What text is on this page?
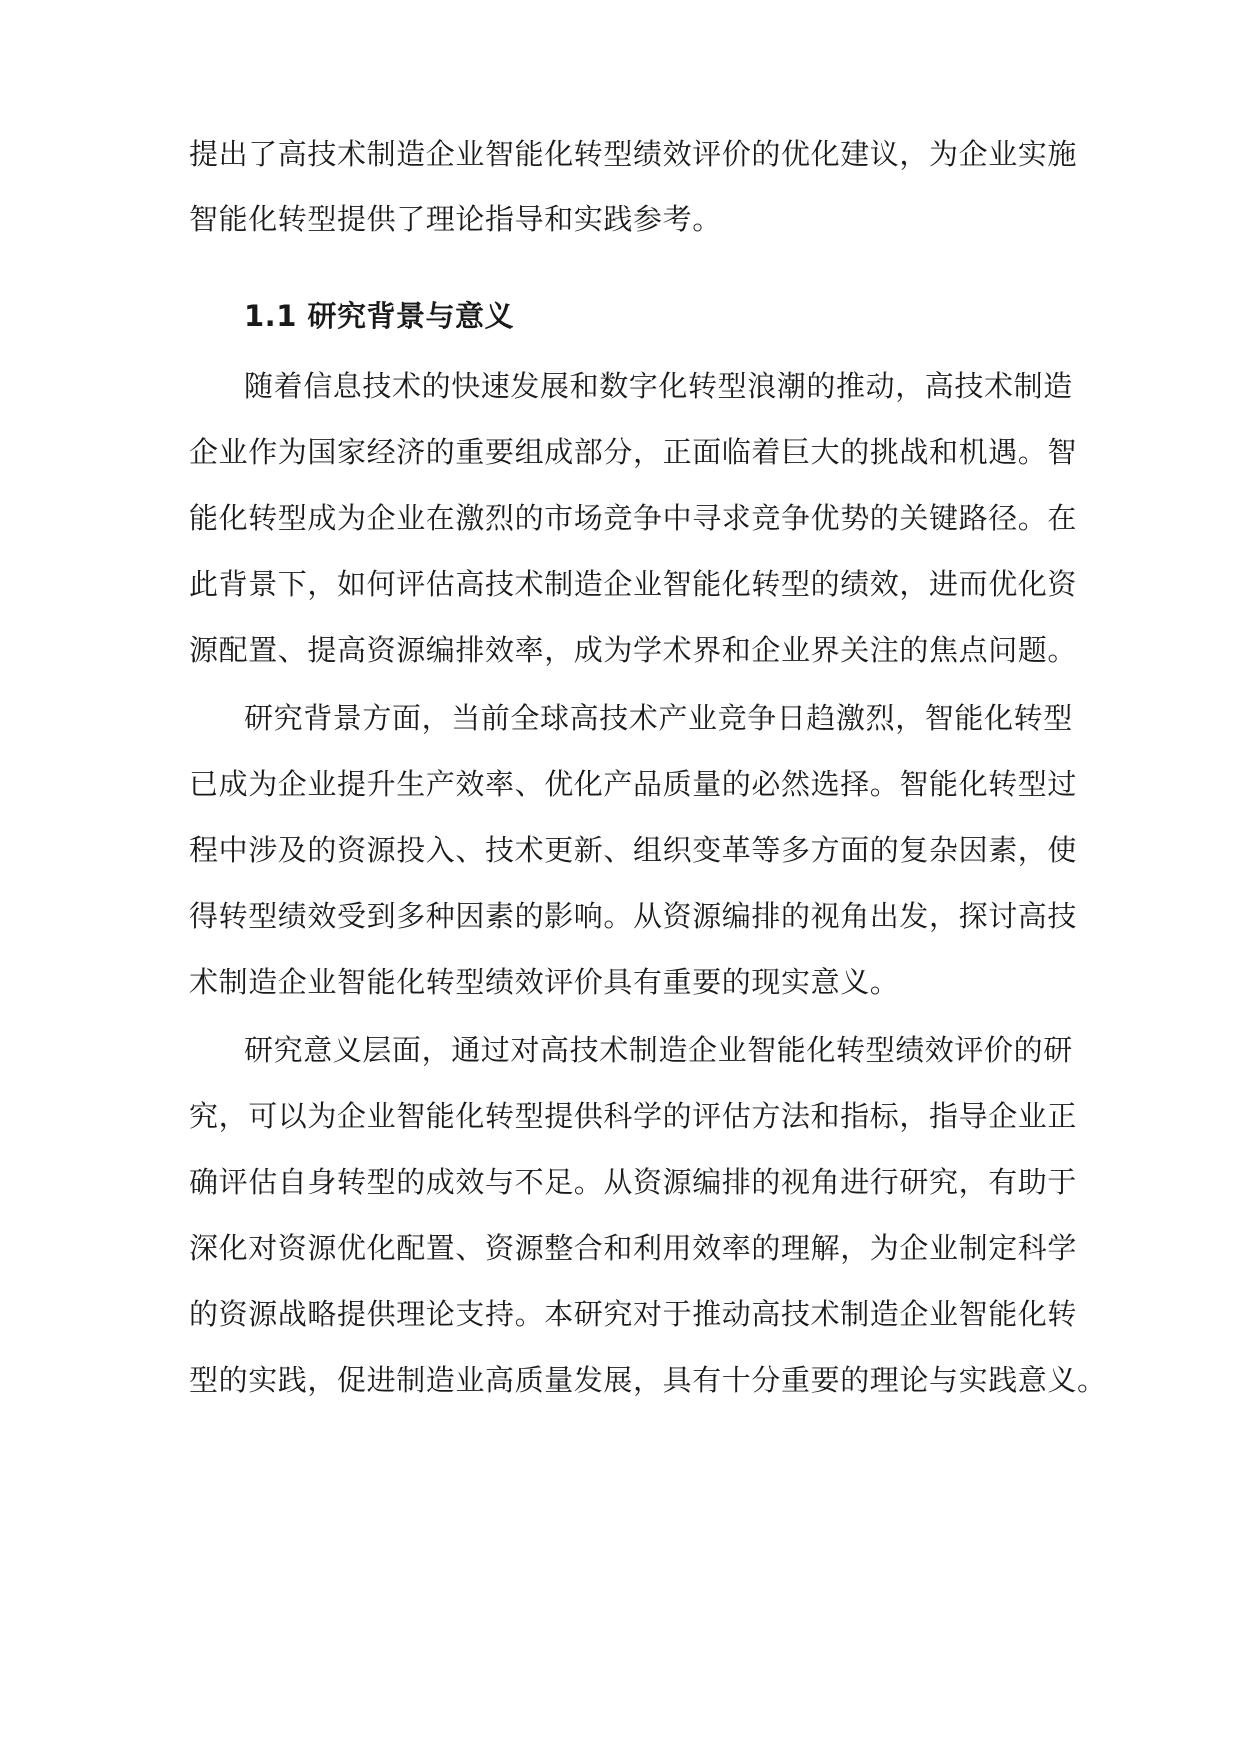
提出了高技术制造企业智能化转型绩效评价的优化建议，为企业实施
智能化转型提供了理论指导和实践参考。
1.1 研究背景与意义
随着信息技术的快速发展和数字化转型浪潮的推动，高技术制造
企业作为国家经济的重要组成部分，正面临着巨大的挑战和机遇。智
能化转型成为企业在激烈的市场竞争中寻求竞争优势的关键路径。在
此背景下，如何评估高技术制造企业智能化转型的绩效，进而优化资
源配置、提高资源编排效率，成为学术界和企业界关注的焦点问题。
研究背景方面，当前全球高技术产业竞争日趋激烈，智能化转型
已成为企业提升生产效率、优化产品质量的必然选择。智能化转型过
程中涉及的资源投入、技术更新、组织变革等多方面的复杂因素，使
得转型绩效受到多种因素的影响。从资源编排的视角出发，探讨高技
术制造企业智能化转型绩效评价具有重要的现实意义。
研究意义层面，通过对高技术制造企业智能化转型绩效评价的研
究，可以为企业智能化转型提供科学的评估方法和指标，指导企业正
确评估自身转型的成效与不足。从资源编排的视角进行研究，有助于
深化对资源优化配置、资源整合和利用效率的理解，为企业制定科学
的资源战略提供理论支持。本研究对于推动高技术制造企业智能化转
型的实践，促进制造业高质量发展，具有十分重要的理论与实践意义。
